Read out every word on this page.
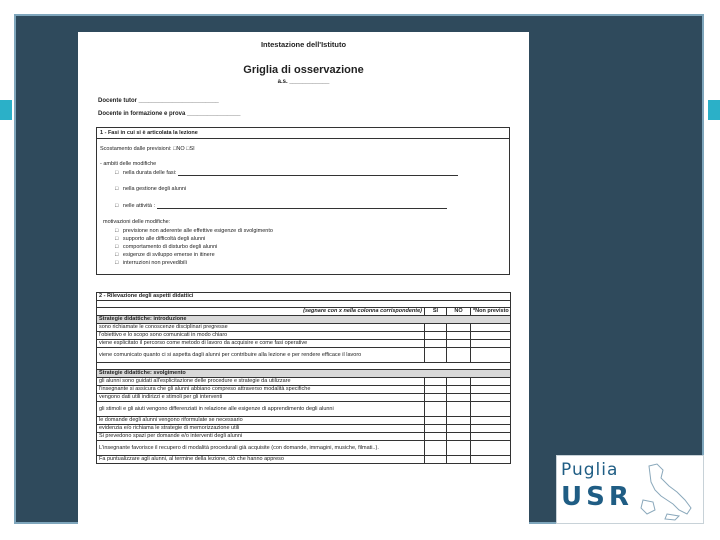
Intestazione dell'Istituto
Griglia di osservazione
a.s. ____________
Docente tutor ________________________
Docente in formazione e prova ________________
1 - Fasi in cui si è articolata la lezione
Scostamento dalle previsioni: □NO □SI
- ambiti delle modifiche
□   nella durata delle fasi:
□   nella gestione degli alunni
□   nelle attività :
motivazioni delle modifiche:
□   previsione non aderente alle effettive esigenze di svolgimento
□   supporto alle difficoltà degli alunni
□   comportamento di disturbo degli alunni
□   esigenze di sviluppo emerse in itinere
□   interruzioni non prevedibili
2 - Rilevazione degli aspetti didattici			

(segnare con x nella colonna corrispondente)	SI	NO	*Non previsto
Strategie didattiche: introduzione			
sono richiamate le conoscenze disciplinari pregresse			
l'obiettivo e lo scopo sono comunicati in modo chiaro			
viene esplicitato il percorso come metodo di lavoro da acquisire e come fasi operative			
viene comunicato quanto ci si aspetta dagli alunni per contribuire alla lezione e per rendere efficace il lavoro			

Strategie didattiche: svolgimento			
gli alunni sono guidati all'esplicitazione delle procedure e strategie da utilizzare			
l'insegnante si assicura che gli alunni abbiano compreso attraverso modalità specifiche			
vengono dati utili indirizzi e stimoli per gli interventi			
gli stimoli e gli aiuti vengono differenziati in relazione alle esigenze di apprendimento degli alunni			
le domande degli alunni vengono riformulate se necessario			
evidenzia e/o richiama le strategie di memorizzazione utili			
Si prevedono spazi per domande e/o interventi degli alunni			
L'insegnante favorisce il recupero di modalità procedurali già acquisite (con domande, immagini, musiche, filmati..).			
Fa puntualizzare agli alunni, al termine della lezione, ciò che hanno appreso			
Puglia
USR
